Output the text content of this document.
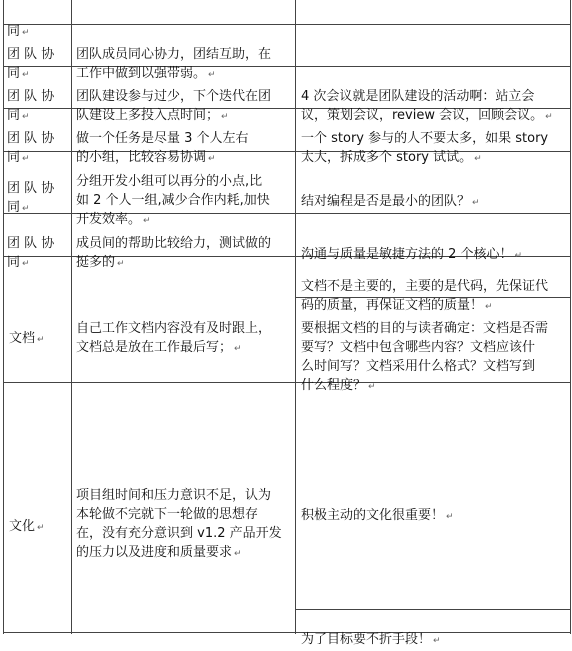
同 ↵

团 队 协
同 ↵

团队成员同心协力，团结互助，在
工作中做到以强带弱。 ↵

团 队 协
同 ↵

团队建设参与过少，下个迭代在团
队建设上多投入点时间； ↵

4 次会议就是团队建设的活动啊：站立会
议，策划会议，review 会议，回顾会议。 ↵

团 队 协
同 ↵

做一个任务是尽量 3 个人左右
的小组，比较容易协调 ↵

一个 story 参与的人不要太多，如果 story
太大，拆成多个 story 试试。 ↵

团 队 协
同 ↵

分组开发小组可以再分的小点,比
如 2 个人一组,减少合作内耗,加快
开发效率。 ↵

结对编程是否是最小的团队？ ↵

团 队 协
同 ↵

成员间的帮助比较给力，测试做的
挺多的 ↵

沟通与质量是敏捷方法的 2 个核心！ ↵

文档 ↵

自己工作文档内容没有及时跟上，
文档总是放在工作最后写； ↵

文档不是主要的，主要的是代码，先保证代
码的质量，再保证文档的质量！ ↵

要根据文档的目的与读者确定：文档是否需
要写？文档中包含哪些内容？文档应该什
么时间写？文档采用什么格式？文档写到
什么程度？ ↵

文化 ↵

项目组时间和压力意识不足，认为
本轮做不完就下一轮做的思想存
在，没有充分意识到 v1.2 产品开发
的压力以及进度和质量要求 ↵

积极主动的文化很重要！ ↵

为了目标要不折手段！ ↵
